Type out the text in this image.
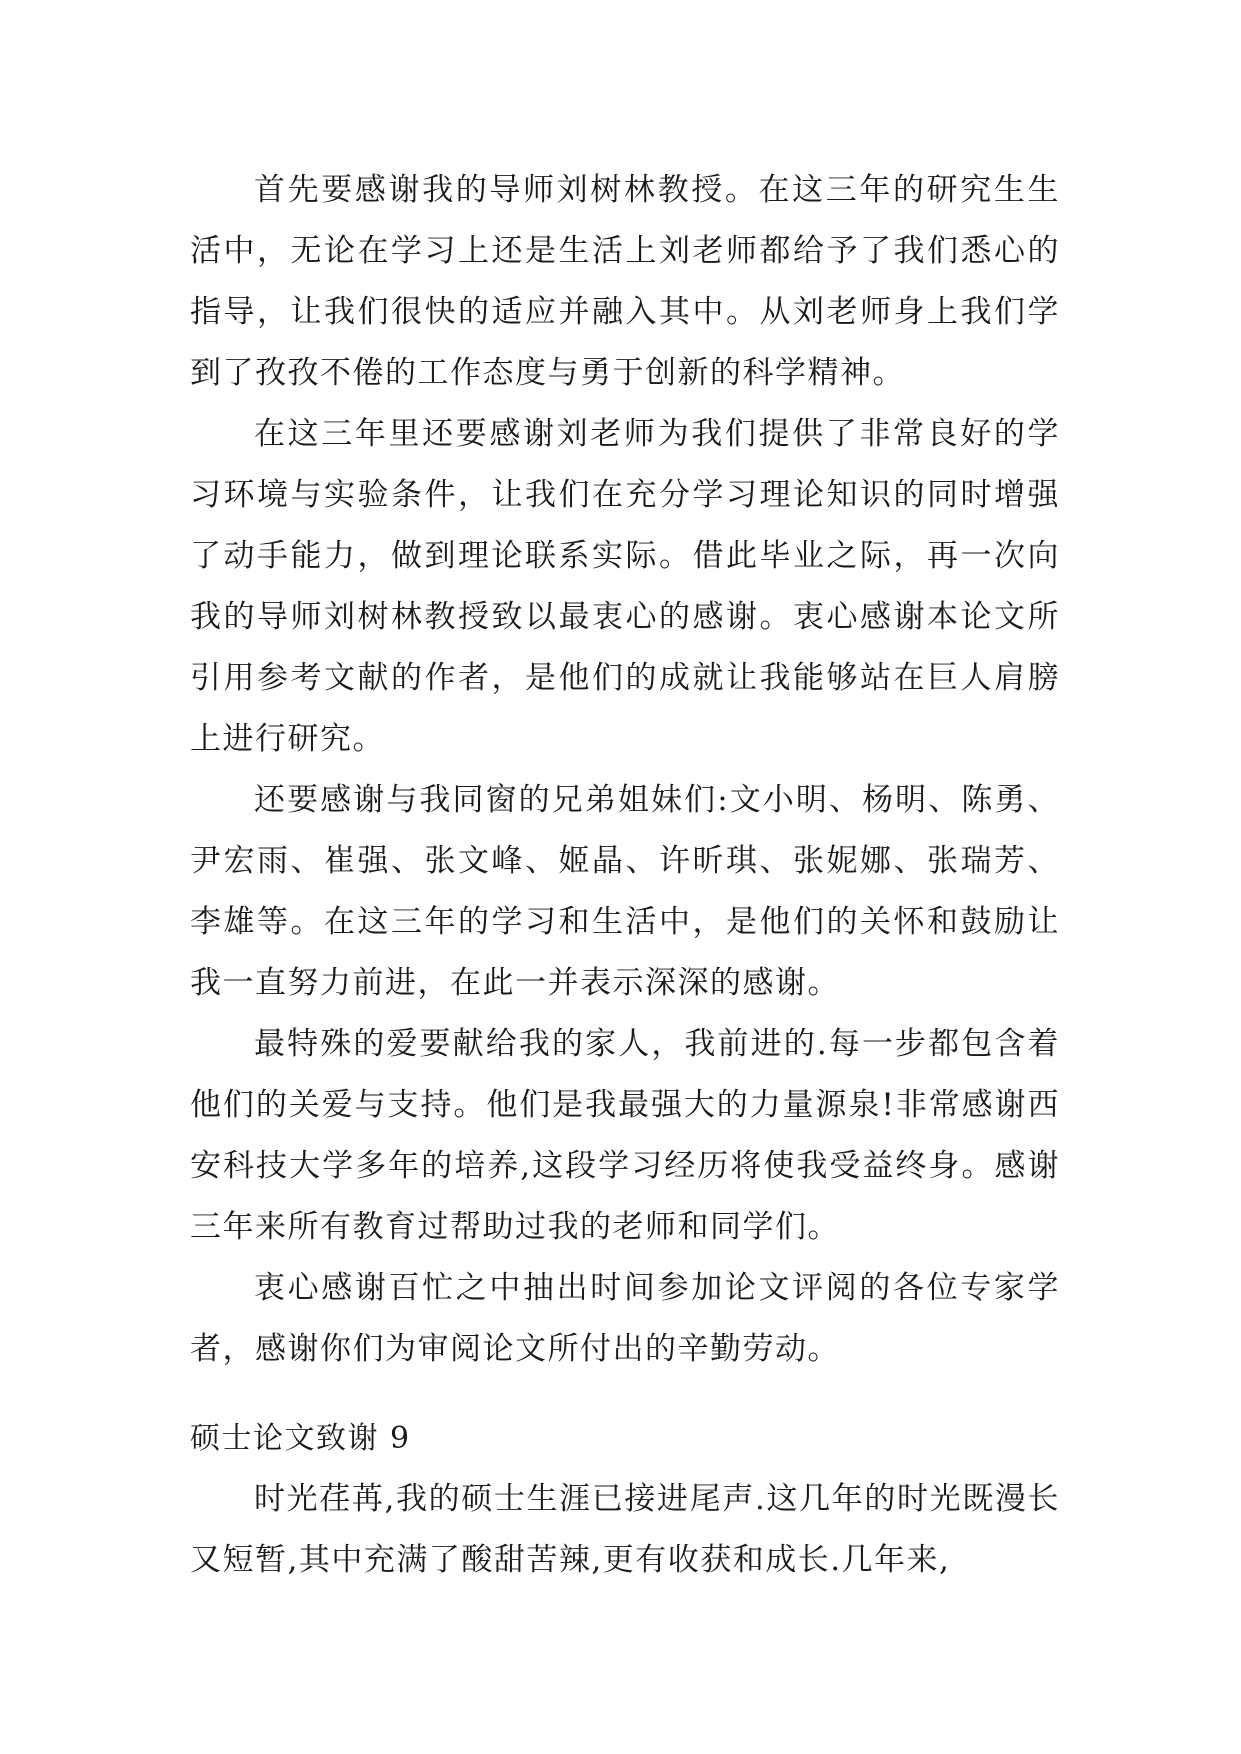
首先要感谢我的导师刘树林教授。在这三年的研究生生活中，无论在学习上还是生活上刘老师都给予了我们悉心的指导，让我们很快的适应并融入其中。从刘老师身上我们学到了孜孜不倦的工作态度与勇于创新的科学精神。

在这三年里还要感谢刘老师为我们提供了非常良好的学习环境与实验条件，让我们在充分学习理论知识的同时增强了动手能力，做到理论联系实际。借此毕业之际，再一次向我的导师刘树林教授致以最衷心的感谢。衷心感谢本论文所引用参考文献的作者，是他们的成就让我能够站在巨人肩膀上进行研究。

还要感谢与我同窗的兄弟姐妹们:文小明、杨明、陈勇、尹宏雨、崔强、张文峰、姬晶、许昕琪、张妮娜、张瑞芳、李雄等。在这三年的学习和生活中，是他们的关怀和鼓励让我一直努力前进，在此一并表示深深的感谢。

最特殊的爱要献给我的家人，我前进的.每一步都包含着他们的关爱与支持。他们是我最强大的力量源泉!非常感谢西安科技大学多年的培养,这段学习经历将使我受益终身。感谢三年来所有教育过帮助过我的老师和同学们。

衷心感谢百忙之中抽出时间参加论文评阅的各位专家学者，感谢你们为审阅论文所付出的辛勤劳动。

硕士论文致谢 9

时光荏苒,我的硕士生涯已接进尾声.这几年的时光既漫长又短暂,其中充满了酸甜苦辣,更有收获和成长.几年来,
